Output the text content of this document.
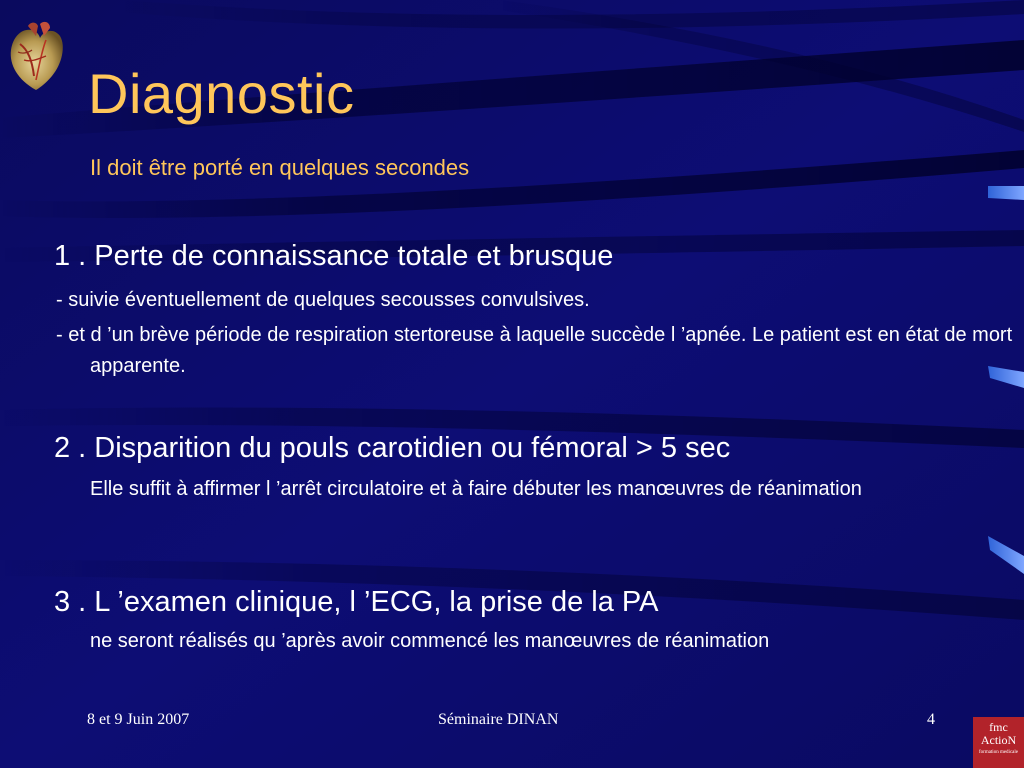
Diagnostic
Il doit être porté en quelques secondes
1 . Perte de connaissance totale et brusque
- suivie éventuellement de quelques secousses convulsives.
- et d ’un brève période de respiration stertoreuse à laquelle succède l ’apnée. Le patient est en état de mort apparente.
2 . Disparition du pouls carotidien ou fémoral > 5 sec
Elle suffit à affirmer l ’arrêt circulatoire et à faire débuter les manœuvres de réanimation
3 . L ’examen clinique, l ’ECG, la prise de la PA
ne seront réalisés qu ’après avoir commencé les manœuvres de réanimation
8 et 9 Juin 2007	Séminaire DINAN	4	fmc
ActioN
formation medicale
